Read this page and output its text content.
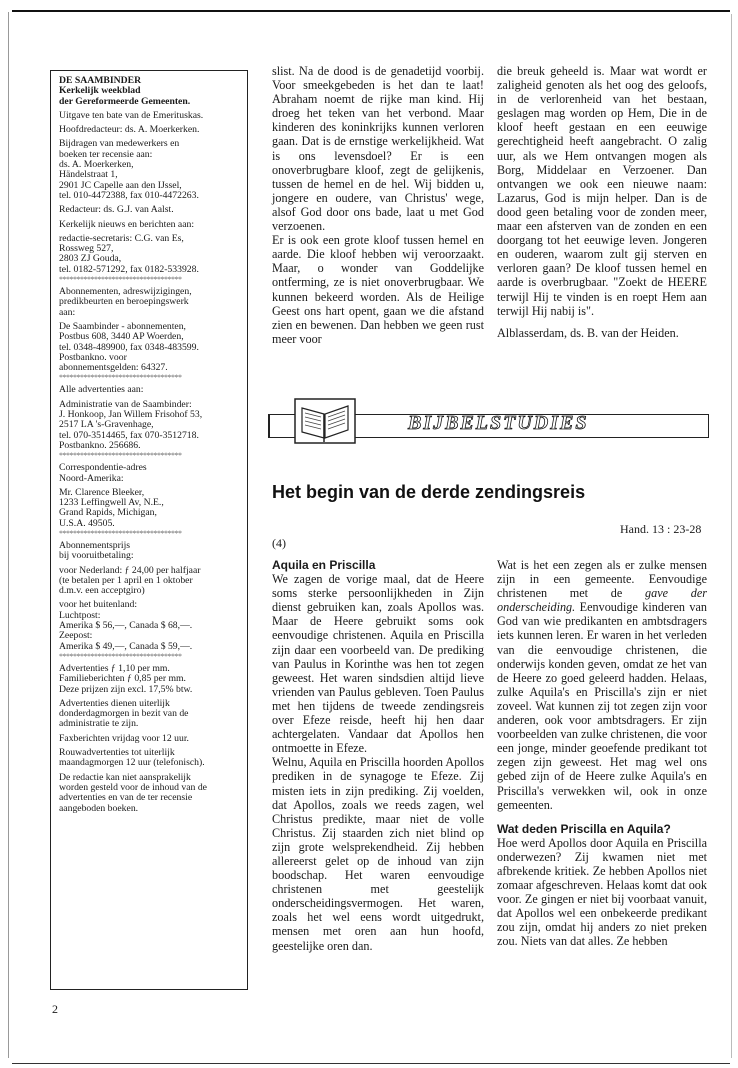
DE SAAMBINDER
Kerkelijk weekblad
der Gereformeerde Gemeenten.

Uitgave ten bate van de Emerituskas.

Hoofdredacteur: ds. A. Moerkerken.

Bijdragen van medewerkers en
boeken ter recensie aan:
ds. A. Moerkerken,
Händelstraat 1,
2901 JC Capelle aan den IJssel,
tel. 010-4472388, fax 010-4472263.

Redacteur: ds. G.J. van Aalst.

Kerkelijk nieuws en berichten aan:

redactie-secretaris: C.G. van Es,
Rossweg 527,
2803 ZJ Gouda,
tel. 0182-571292, fax 0182-533928.
***********************************
Abonnementen, adreswijzigingen,
predikbeurten en beroepingswerk
aan:
De Saambinder - abonnementen,
Postbus 608, 3440 AP Woerden,
tel. 0348-489900, fax 0348-483599.
Postbankno. voor
abonnementsgelden: 64327.
***********************************

Alle advertenties aan:

Administratie van de Saambinder:
J. Honkoop, Jan Willem Frisohof 53,
2517 LA 's-Gravenhage,
tel. 070-3514465, fax 070-3512718.
Postbankno. 256686.
***********************************
Correspondentie-adres
Noord-Amerika:
Mr. Clarence Bleeker,
1233 Leffingwell Av, N.E.,
Grand Rapids, Michigan,
U.S.A. 49505.
***********************************
Abonnementsprijs
bij vooruitbetaling:
voor Nederland: ƒ 24,00 per halfjaar
(te betalen per 1 april en 1 oktober
d.m.v. een acceptgiro)
voor het buitenland:
Luchtpost:
Amerika $ 56,—, Canada $ 68,—.
Zeepost:
Amerika $ 49,—, Canada $ 59,—.
***********************************
Advertenties ƒ 1,10 per mm.
Familieberichten ƒ 0,85 per mm.
Deze prijzen zijn excl. 17,5% btw.
Advertenties dienen uiterlijk
donderdagmorgen in bezit van de
administratie te zijn.

Faxberichten vrijdag voor 12 uur.

Rouwadvertenties tot uiterlijk
maandagmorgen 12 uur (telefonisch).
De redactie kan niet aansprakelijk
worden gesteld voor de inhoud van de
advertenties en van de ter recensie
aangeboden boeken.
2

slist. Na de dood is de genadetijd voorbij. Voor smeekgebeden is het dan te laat! Abraham noemt de rijke man kind. Hij droeg het teken van het verbond. Maar kinderen des koninkrijks kunnen verloren gaan. Dat is de ernstige werkelijkheid. Wat is ons levensdoel? Er is een onoverbrugbare kloof, zegt de gelijkenis, tussen de hemel en de hel. Wij bidden u, jongere en oudere, van Christus' wege, alsof God door ons bade, laat u met God verzoenen.

Er is ook een grote kloof tussen hemel en aarde. Die kloof hebben wij veroorzaakt. Maar, o wonder van Goddelijke ontferming, ze is niet onoverbrugbaar. We kunnen bekeerd worden. Als de Heilige Geest ons hart opent, gaan we die afstand zien en bewenen. Dan hebben we geen rust meer voor

die breuk geheeld is. Maar wat wordt er zaligheid genoten als het oog des geloofs, in de verlorenheid van het bestaan, geslagen mag worden op Hem, Die in de kloof heeft gestaan en een eeuwige gerechtigheid heeft aangebracht. O zalig uur, als we Hem ontvangen mogen als Borg, Middelaar en Verzoener. Dan ontvangen we ook een nieuwe naam: Lazarus, God is mijn helper. Dan is de dood geen betaling voor de zonden meer, maar een afsterven van de zonden en een doorgang tot het eeuwige leven. Jongeren en ouderen, waarom zult gij sterven en verloren gaan? De kloof tussen hemel en aarde is overbrugbaar. "Zoekt de HEERE terwijl Hij te vinden is en roept Hem aan terwijl Hij nabij is".

Alblasserdam, ds. B. van der Heiden.

BIJBELSTUDIES
Het begin van de derde zendingsreis
Hand. 13 : 23-28
(4)
Aquila en Priscilla

We zagen de vorige maal, dat de Heere soms sterke persoonlijkheden in Zijn dienst gebruiken kan, zoals Apollos was. Maar de Heere gebruikt soms ook eenvoudige christenen. Aquila en Priscilla zijn daar een voorbeeld van. De prediking van Paulus in Korinthe was hen tot zegen geweest. Het waren sindsdien altijd lieve vrienden van Paulus gebleven. Toen Paulus met hen tijdens de tweede zendingsreis over Efeze reisde, heeft hij hen daar achtergelaten. Vandaar dat Apollos hen ontmoette in Efeze.

Welnu, Aquila en Priscilla hoorden Apollos prediken in de synagoge te Efeze. Zij misten iets in zijn prediking. Zij voelden, dat Apollos, zoals we reeds zagen, wel Christus predikte, maar niet de volle Christus. Zij staarden zich niet blind op zijn grote welsprekendheid. Zij hebben allereerst gelet op de inhoud van zijn boodschap. Het waren eenvoudige christenen met geestelijk onderscheidingsvermogen. Het waren, zoals het wel eens wordt uitgedrukt, mensen met oren aan hun hoofd, geestelijke oren dan.

Wat is het een zegen als er zulke mensen zijn in een gemeente. Eenvoudige christenen met de gave der onderscheiding. Eenvoudige kinderen van God van wie predikanten en ambtsdragers iets kunnen leren. Er waren in het verleden van die eenvoudige christenen, die onderwijs konden geven, omdat ze het van de Heere zo goed geleerd hadden. Helaas, zulke Aquila's en Priscilla's zijn er niet zoveel. Wat kunnen zij tot zegen zijn voor anderen, ook voor ambtsdragers. Er zijn voorbeelden van zulke christenen, die voor een jonge, minder geoefende predikant tot zegen zijn geweest. Het mag wel ons gebed zijn of de Heere zulke Aquila's en Priscilla's verwekken wil, ook in onze gemeenten.

Wat deden Priscilla en Aquila?

Hoe werd Apollos door Aquila en Priscilla onderwezen? Zij kwamen niet met afbrekende kritiek. Ze hebben Apollos niet zomaar afgeschreven. Helaas komt dat ook voor. Ze gingen er niet bij voorbaat vanuit, dat Apollos wel een onbekeerde predikant zou zijn, omdat hij anders zo niet preken zou. Niets van dat alles. Ze hebben
